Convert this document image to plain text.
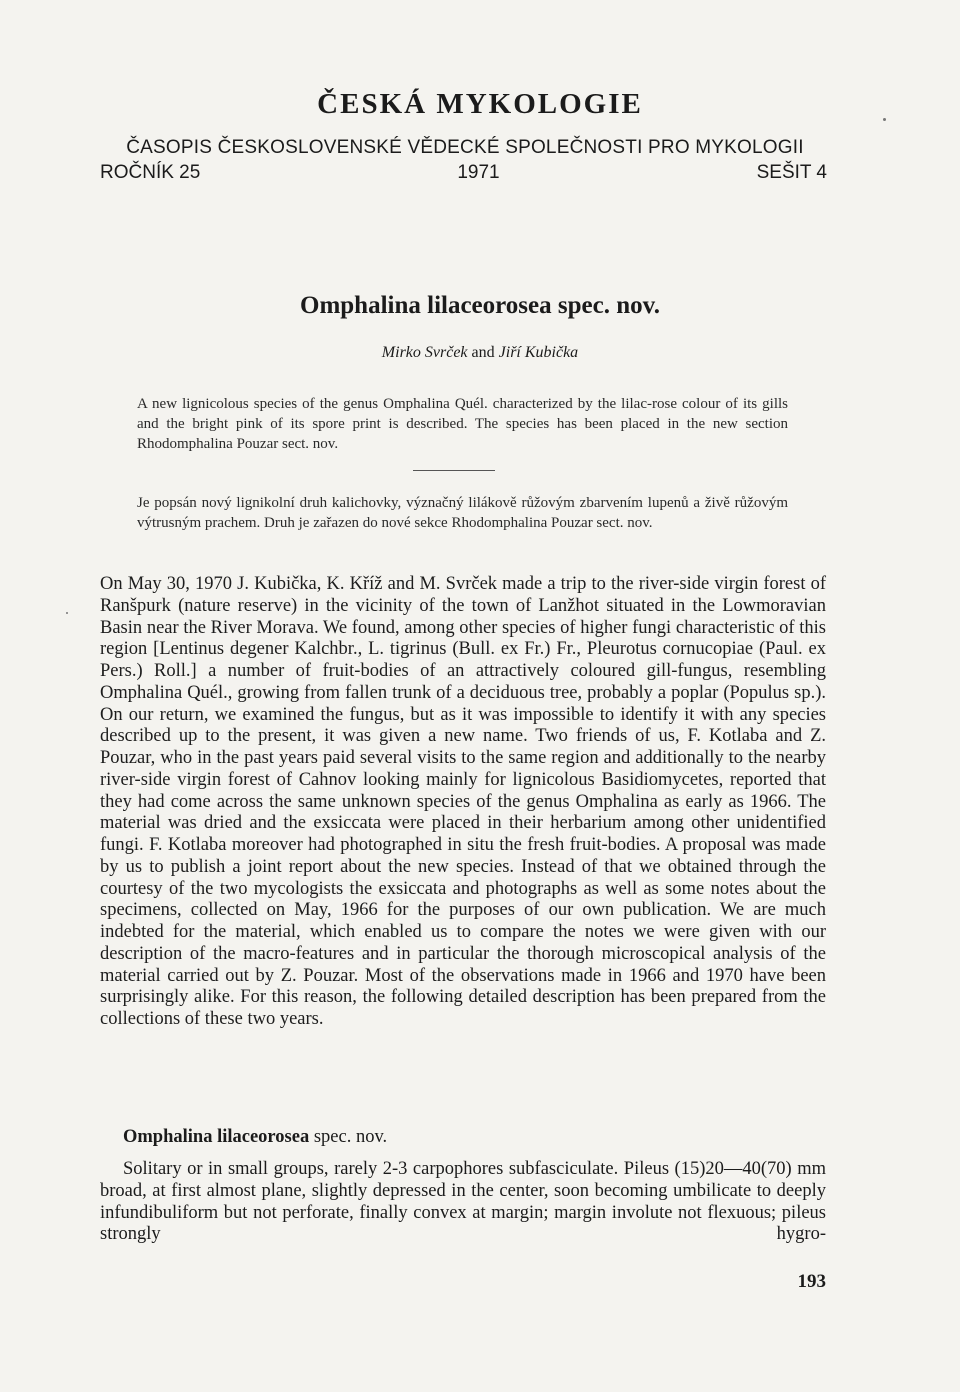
ČESKÁ MYKOLOGIE
ČASOPIS ČESKOSLOVENSKÉ VĚDECKÉ SPOLEČNOSTI PRO MYKOLOGII
ROČNÍK 25	1971	SEŠIT 4
Omphalina lilaceorosea spec. nov.
Mirko Svrček and Jiří Kubička
A new lignicolous species of the genus Omphalina Quél. characterized by the lilac-rose colour of its gills and the bright pink of its spore print is described. The species has been placed in the new section Rhodomphalina Pouzar sect. nov.
Je popsán nový lignikolní druh kalichovky, význačný lilákově růžovým zbarvením lupenů a živě růžovým výtrusným prachem. Druh je zařazen do nové sekce Rhodomphalina Pouzar sect. nov.

On May 30, 1970 J. Kubička, K. Kříž and M. Svrček made a trip to the river-side virgin forest of Ranšpurk (nature reserve) in the vicinity of the town of Lanžhot situated in the Lowmoravian Basin near the River Morava. We found, among other species of higher fungi characteristic of this region [Lentinus degener Kalchbr., L. tigrinus (Bull. ex Fr.) Fr., Pleurotus cornucopiae (Paul. ex Pers.) Roll.] a number of fruit-bodies of an attractively coloured gill-fungus, resembling Omphalina Quél., growing from fallen trunk of a deciduous tree, probably a poplar (Populus sp.). On our return, we examined the fungus, but as it was impossible to identify it with any species described up to the present, it was given a new name. Two friends of us, F. Kotlaba and Z. Pouzar, who in the past years paid several visits to the same region and additionally to the nearby river-side virgin forest of Cahnov looking mainly for lignicolous Basidiomycetes, reported that they had come across the same unknown species of the genus Omphalina as early as 1966. The material was dried and the exsiccata were placed in their herbarium among other unidentified fungi. F. Kotlaba moreover had photographed in situ the fresh fruit-bodies. A proposal was made by us to publish a joint report about the new species. Instead of that we obtained through the courtesy of the two mycologists the exsiccata and photographs as well as some notes about the specimens, collected on May, 1966 for the purposes of our own publication. We are much indebted for the material, which enabled us to compare the notes we were given with our description of the macro-features and in particular the thorough microscopical analysis of the material carried out by Z. Pouzar. Most of the observations made in 1966 and 1970 have been surprisingly alike. For this reason, the following detailed description has been prepared from the collections of these two years.

Omphalina lilaceorosea spec. nov.
Solitary or in small groups, rarely 2-3 carpophores subfasciculate. Pileus (15)20—40(70) mm broad, at first almost plane, slightly depressed in the center, soon becoming umbilicate to deeply infundibuliform but not perforate, finally convex at margin; margin involute not flexuous; pileus strongly hygro-
193
